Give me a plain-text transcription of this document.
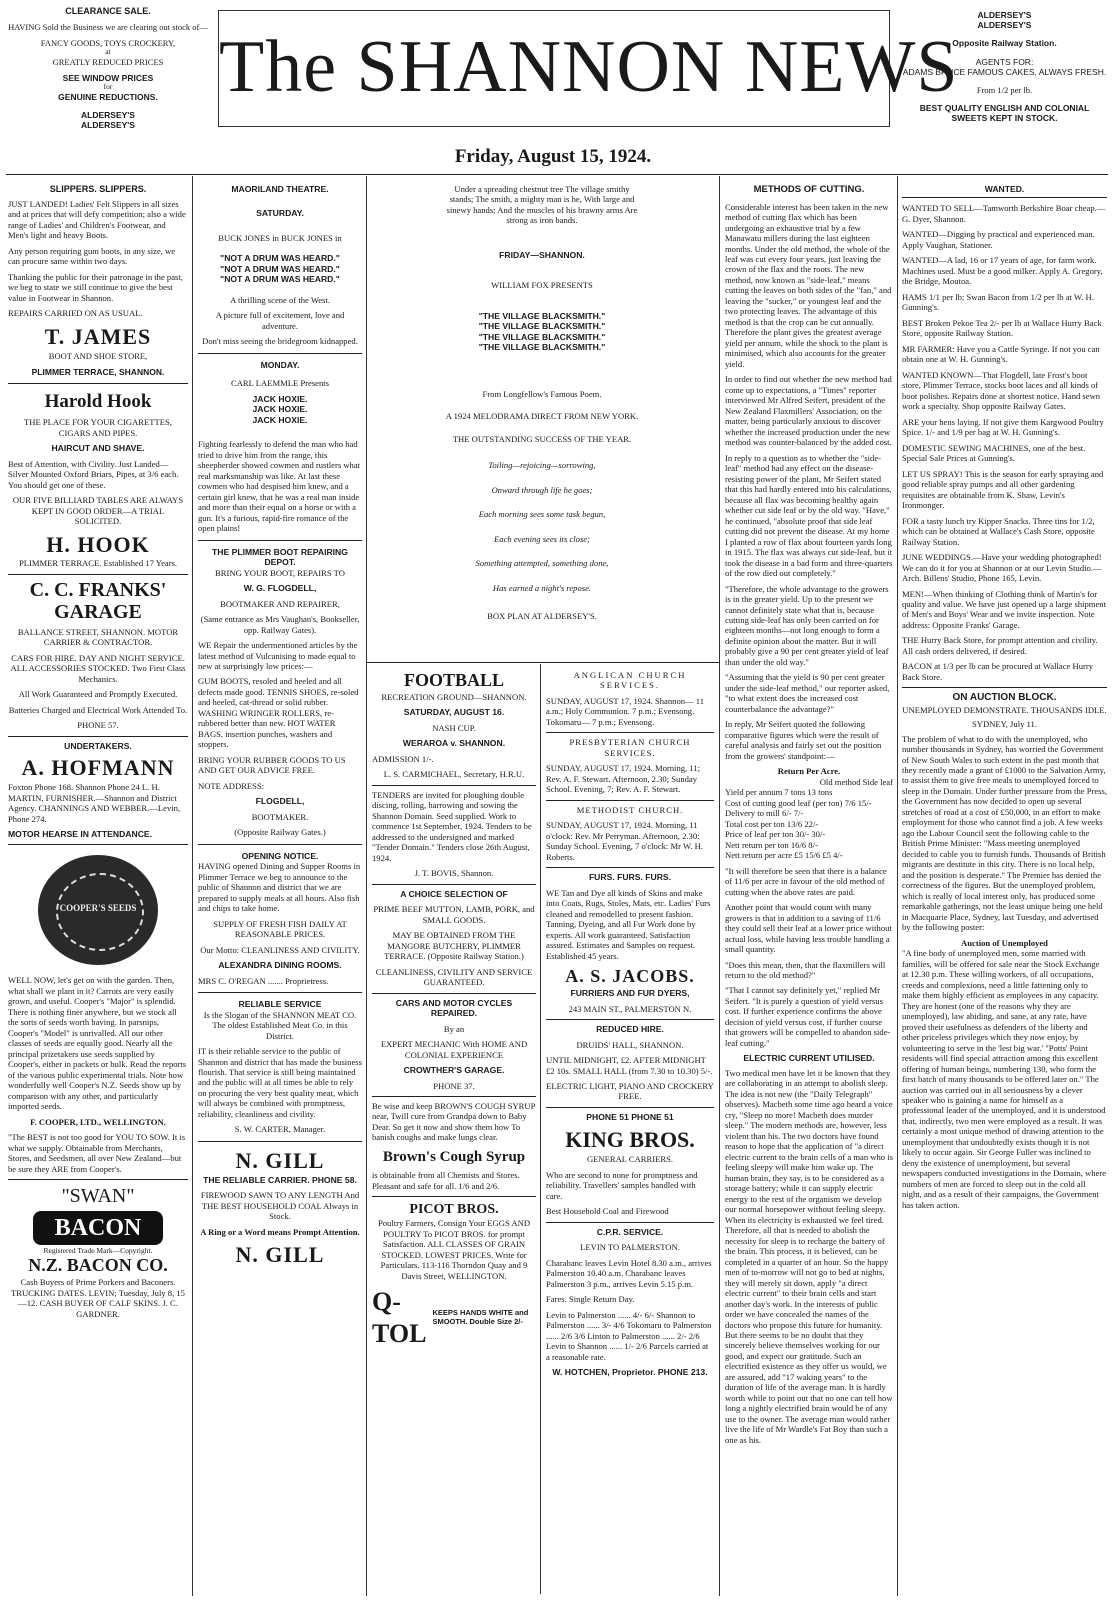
CLEARANCE SALE.
HAVING Sold the Business we are clearing out stock of—
FANCY GOODS, TOYS CROCKERY,
at
GREATLY REDUCED PRICES
SEE WINDOW PRICES
for
GENUINE REDUCTIONS.
ALDERSEY'S
ALDERSEY'S
The SHANNON NEWS
Friday, August 15, 1924.
ALDERSEY'S
ALDERSEY'S
Opposite Railway Station.
AGENTS FOR:
ADAMS BRUCE FAMOUS CAKES, ALWAYS FRESH.
From 1/2 per lb.
BEST QUALITY ENGLISH AND COLONIAL SWEETS KEPT IN STOCK.
SLIPPERS. SLIPPERS.

JUST LANDED! Ladies' Felt Slippers in all sizes and at prices that will defy competition; also a wide range of Ladies' and Children's Footwear, and Men's light and heavy Boots.

Any person requiring gum boots, in any size, we can procure same within two days.

Thanking the public for their patronage in the past, we beg to state we still continue to give the best value in Footwear in Shannon.

REPAIRS CARRIED ON AS USUAL.

T. JAMES
BOOT AND SHOE STORE,
PLIMMER TERRACE, SHANNON.
Harold Hook

THE PLACE FOR YOUR CIGARETTES, CIGARS AND PIPES.

HAIRCUT AND SHAVE.

Best of Attention, with Civility. Just Landed—Silver Mounted Oxford Briars, Pipes, at 3/6 each. You should get one of these.

OUR FIVE BILLIARD TABLES ARE ALWAYS KEPT IN GOOD ORDER—A TRIAL SOLICITED.

H. HOOK

PLIMMER TERRACE. Established 17 Years.

C. C. FRANKS' GARAGE

BALLANCE STREET, SHANNON. MOTOR CARRIER & CONTRACTOR.

CARS FOR HIRE. DAY AND NIGHT SERVICE. ALL ACCESSORIES STOCKED. Two First Class Mechanics.

All Work Guaranteed and Promptly Executed.

Batteries Charged and Electrical Work Attended To.

PHONE 57.

UNDERTAKERS.
A. HOFMANN

Foxton Phone 168. Shannon Phone 24 L. H. MARTIN, FURNISHER.—Shannon and District Agency. CHANNINGS AND WEBBER.—Levin, Phone 274.

MOTOR HEARSE IN ATTENDANCE.

COOPER'S SEEDS

WELL NOW, let's get on with the garden. Then, what shall we plant in it? Carrots are very easily grown, and useful. Cooper's "Major" is splendid. There is nothing finer anywhere, but we stock all the sorts of seeds worth having. In parsnips, Cooper's "Model" is unrivalled. All our other classes of seeds are equally good. Nearly all the principal prizetakers use seeds supplied by Cooper's, either in packets or bulk. Read the reports of the various public experimental trials. Note how wonderfully well Cooper's N.Z. Seeds show up by comparison with any other, and particularly imported seeds.

F. COOPER, LTD., WELLINGTON.

"The BEST is not too good for YOU TO SOW. It is what we supply. Obtainable from Merchants, Stores, and Seedsmen, all over New Zealand—but be sure they ARE from Cooper's.

"SWAN"
BACON
Registered Trade Mark—Copyright.
N.Z. BACON CO.

Cash Buyers of Prime Porkers and Baconers. TRUCKING DATES. LEVIN; Tuesday, July 8, 15—12. CASH BUYER OF CALF SKINS. J. C. GARDNER.

MAORILAND THEATRE.
SATURDAY.

BUCK JONES in BUCK JONES in

"NOT A DRUM WAS HEARD."
"NOT A DRUM WAS HEARD."
"NOT A DRUM WAS HEARD."

A thrilling scene of the West.

A picture full of excitement, love and adventure.

Don't miss seeing the bridegroom kidnapped.

MONDAY.

CARL LAEMMLE Presents

JACK HOXIE.
JACK HOXIE.
JACK HOXIE.

Fighting fearlessly to defend the man who had tried to drive him from the range, this sheepherder showed cowmen and rustlers what real marksmanship was like. At last these cowmen who had despised him knew, and a certain girl knew, that he was a real man inside and more than their equal on a horse or with a gun. It's a furious, rapid-fire romance of the open plains!

THE PLIMMER BOOT REPAIRING DEPOT.

BRING YOUR BOOT, REPAIRS TO

W. G. FLOGDELL,

BOOTMAKER AND REPAIRER,

(Same entrance as Mrs Vaughan's, Bookseller, opp. Railway Gates).

WE Repair the undermentioned articles by the latest method of Vulcanising to made equal to new at surprisingly low prices:—

GUM BOOTS, resoled and heeled and all defects made good. TENNIS SHOES, re-soled and heeled, cat-thread or solid rubber. WASHING WRINGER ROLLERS, re-rubbered better than new. HOT WATER BAGS, insertion punches, washers and stoppers.

BRING YOUR RUBBER GOODS TO US AND GET OUR ADVICE FREE.

NOTE ADDRESS:

FLOGDELL,

BOOTMAKER.

(Opposite Railway Gates.)

OPENING NOTICE.

HAVING opened Dining and Supper Rooms in Plimmer Terrace we beg to announce to the public of Shannon and district that we are prepared to supply meals at all hours. Also fish and chips to take home.

SUPPLY OF FRESH FISH DAILY AT REASONABLE PRICES.

Our Motto: CLEANLINESS AND CIVILITY.

ALEXANDRA DINING ROOMS.

MRS C. O'REGAN ....... Proprietress.

RELIABLE SERVICE

Is the Slogan of the SHANNON MEAT CO. The oldest Established Meat Co. in this District.

IT is their reliable service to the public of Shannon and district that has made the business flourish. That service is still being maintained and the public will at all times be able to rely on procuring the very best quality meat, which will always be combined with promptness, reliability, cleanliness and civility.

S. W. CARTER, Manager.

N. GILL

THE RELIABLE CARRIER. PHONE 58.

FIREWOOD SAWN TO ANY LENGTH And THE BEST HOUSEHOLD COAL Always in Stock.

A Ring or a Word means Prompt Attention.

N. GILL

Under a spreading chestnut tree The village smithy stands; The smith, a mighty man is he, With large and sinewy hands; And the muscles of his brawny arms Are strong as iron bands.

FRIDAY—SHANNON.
WILLIAM FOX PRESENTS
"THE VILLAGE BLACKSMITH."
"THE VILLAGE BLACKSMITH."
"THE VILLAGE BLACKSMITH."
"THE VILLAGE BLACKSMITH."
From Longfellow's Famous Poem.
A 1924 MELODRAMA DIRECT FROM NEW YORK.
THE OUTSTANDING SUCCESS OF THE YEAR.
Toiling—rejoicing—sorrowing,
Onward through life he goes;
Each morning sees some task begun,
Each evening sees its close;
Something attempted, something done,
Has earned a night's repose.
BOX PLAN AT ALDERSEY'S.
FOOTBALL

RECREATION GROUND—SHANNON.

SATURDAY, AUGUST 16.

NASH CUP.

WERAROA v. SHANNON.

ADMISSION 1/-.

L. S. CARMICHAEL, Secretary, H.R.U.

TENDERS are invited for ploughing double discing, rolling, harrowing and sowing the Shannon Domain. Seed supplied. Work to commence 1st September, 1924. Tenders to be addressed to the undersigned and marked "Tender Domain." Tenders close 26th August, 1924.

J. T. BOVIS, Shannon.

A CHOICE SELECTION OF

PRIME BEEF MUTTON, LAMB, PORK, and SMALL GOODS.

MAY BE OBTAINED FROM THE MANGORE BUTCHERY, PLIMMER TERRACE. (Opposite Railway Station.)

CLEANLINESS, CIVILITY AND SERVICE GUARANTEED.

CARS AND MOTOR CYCLES REPAIRED.

By an

EXPERT MECHANIC With HOME AND COLONIAL EXPERIENCE

CROWTHER'S GARAGE.

PHONE 37.

Be wise and keep BROWN'S COUGH SYRUP near, Twill cure from Grandpa down to Baby Dear. So get it now and show them how To banish coughs and make lungs clear.

Brown's Cough Syrup

is obtainable from all Chemists and Stores. Pleasant and safe for all. 1/6 and 2/6.

PICOT BROS.

Poultry Farmers, Consign Your EGGS AND POULTRY To PICOT BROS. for prompt Satisfaction. ALL CLASSES OF GRAIN STOCKED. LOWEST PRICES. Write for Particulars. 113-116 Thorndon Quay and 9 Davis Street, WELLINGTON.

Q-TOL
KEEPS HANDS WHITE and SMOOTH. Double Size 2/-

ANGLICAN CHURCH SERVICES.

SUNDAY, AUGUST 17, 1924. Shannon— 11 a.m.; Holy Communion. 7 p.m.; Evensong. Tokomaru— 7 p.m.; Evensong.

PRESBYTERIAN CHURCH SERVICES.

SUNDAY, AUGUST 17, 1924. Morning, 11; Rev. A. F. Stewart. Afternoon, 2.30; Sunday School. Evening, 7; Rev. A. F. Stewart.

METHODIST CHURCH.

SUNDAY, AUGUST 17, 1924. Morning, 11 o'clock: Rev. Mr Perryman. Afternoon, 2.30: Sunday School. Evening, 7 o'clock: Mr W. H. Roberts.

FURS. FURS. FURS.

WE Tan and Dye all kinds of Skins and make into Coats, Rugs, Stoles, Mats, etc. Ladies' Furs cleaned and remodelled to present fashion. Tanning, Dyeing, and all Fur Work done by experts. All work guaranteed. Satisfaction assured. Estimates and Samples on request. Established 45 years.

A. S. JACOBS.

FURRIERS AND FUR DYERS,

243 MAIN ST., PALMERSTON N.

REDUCED HIRE.

DRUIDS' HALL, SHANNON.

UNTIL MIDNIGHT, £2. AFTER MIDNIGHT £2 10s. SMALL HALL (from 7.30 to 10.30) 5/-.

ELECTRIC LIGHT, PIANO AND CROCKERY FREE.

PHONE 51 PHONE 51

KING BROS.

GENERAL CARRIERS.

Who are second to none for promptness and reliability. Travellers' samples handled with care.

Best Household Coal and Firewood

C.P.R. SERVICE.

LEVIN TO PALMERSTON.

Charabanc leaves Levin Hotel 8.30 a.m., arrives Palmerston 10.40 a.m. Charabanc leaves Palmerston 3 p.m., arrives Levin 5.15 p.m.

Fares. Single Return Day.

Levin to Palmerston ...... 4/- 6/- Shannon to Palmerston ...... 3/- 4/6 Tokomaru to Palmerston ...... 2/6 3/6 Linton to Palmerston ...... 2/- 2/6 Levin to Shannon ...... 1/- 2/6 Parcels carried at a reasonable rate.

W. HOTCHEN, Proprietor. PHONE 213.

METHODS OF CUTTING.

Considerable interest has been taken in the new method of cutting flax which has been undergoing an exhaustive trial by a few Manawatu millers during the last eighteen months. Under the old method, the whole of the leaf was cut every four years, just leaving the crown of the flax and the roots. The new method, now known as "side-leaf," means cutting the leaves on both sides of the "fan," and leaving the "sucker," or youngest leaf and the two protecting leaves. The advantage of this method is that the crop can be cut annually. Therefore the plant gives the greatest average yield per annum, while the shock to the plant is minimised, which also accounts for the greater yield.

In order to find out whether the new method had come up to expectations, a "Times" reporter interviewed Mr Alfred Seifert, president of the New Zealand Flaxmillers' Association, on the matter, being particularly anxious to discover whether the increased production under the new method was counter-balanced by the added cost.

In reply to a question as to whether the "side-leaf" method had any effect on the disease-resisting power of the plant, Mr Seifert stated that this had hardly entered into his calculations, because all flax was becoming healthy again whether cut side leaf or by the old way. "Have," he continued, "absolute proof that side leaf cutting did not prevent the disease. At my home I planted a row of flax about fourteen yards long in 1915. The flax was always cut side-leaf, but it took the disease in a bad form and three-quarters of the row died out completely."

"Therefore, the whole advantage to the growers is in the greater yield. Up to the present we cannot definitely state what that is, because cutting side-leaf has only been carried on for eighteen months—not long enough to form a definite opinion about the matter. But it will probably give a 90 per cent greater yield of leaf than under the old way."

"Assuming that the yield is 90 per cent greater under the side-leaf method," our reporter asked, "to what extent does the increased cost counterbalance the advantage?"

In reply, Mr Seifert quoted the following comparative figures which were the result of careful analysis and fairly set out the position from the growers' standpoint:—

Return Per Acre.
Old method Side leaf
Yield per annum 7 tons 13 tons
Cost of cutting good leaf (per ton) 7/6 15/-
Delivery to mill 6/- 7/-
Total cost per ton 13/6 22/-
Price of leaf per ton 30/- 30/-
Nett return per ton 16/6 8/-
Nett return per acre £5 15/6 £5 4/-

"It will therefore be seen that there is a balance of 11/6 per acre in favour of the old method of cutting when the above rates are paid.

Another point that would count with many growers is that in addition to a saving of 11/6 they could sell their leaf at a lower price without actual loss, while having less trouble handling a small quantity.

"Does this mean, then, that the flaxmillers will return to the old method?"

"That I cannot say definitely yet," replied Mr Seifert. "It is purely a question of yield versus cost. If further experience confirms the above decision of yield versus cost, if further course that growers will be compelled to abandon side-leaf cutting."

ELECTRIC CURRENT UTILISED.

Two medical men have let it be known that they are collaborating in an attempt to abolish sleep. The idea is not new (the "Daily Telegraph" observes). Macbeth some time ago heard a voice cry, "Sleep no more! Macbeth does murder sleep." The modern methods are, however, less violent than his. The two doctors have found reason to hope that the application of "a direct electric current to the brain cells of a man who is feeling sleepy will make him wake up. The human brain, they say, is to be considered as a storage battery; while it can supply electric energy to the rest of the organism we develop our normal horsepower without feeling sleepy. When its electricity is exhausted we feel tired. Therefore, all that is needed to abolish the necessity for sleep is to recharge the battery of the brain. This process, it is believed, can be completed in a quarter of an hour. So the happy men of to-morrow will not go to bed at nights, they will merely sit down, apply "a direct electric current" to their brain cells and start another day's work. In the interests of public order we have concealed the names of the doctors who propose this future for humanity. But there seems to be no doubt that they sincerely believe themselves working for our good, and expect our gratitude. Such an electrified existence as they offer us would, we are assured, add "17 waking years" to the duration of life of the average man. It is hardly worth while to point out that no one can tell how long a nightly electrified brain would be of any use to the owner. The average man would rather live the life of Mr Wardle's Fat Boy than such a one as his.

WANTED.

WANTED TO SELL—Tamworth Berkshire Boar cheap.—G. Dyer, Shannon.

WANTED—Digging by practical and experienced man. Apply Vaughan, Stationer.

WANTED—A lad, 16 or 17 years of age, for farm work. Machines used. Must be a good milker. Apply A. Gregory, the Bridge, Moutoa.

HAMS 1/1 per lb; Swan Bacon from 1/2 per lb at W. H. Gunning's.

BEST Broken Pekoe Tea 2/- per lb at Wallace Hurry Back Store, opposite Railway Station.

MR FARMER: Have you a Cattle Syringe. If not you can obtain one at W. H. Gunning's.

WANTED KNOWN—That Flogdell, late Frost's boot store, Plimmer Terrace, stocks boot laces and all kinds of boot polishes. Repairs done at shortest notice. Hand sewn work a specialty. Shop opposite Railway Gates.

ARE your hens laying. If not give them Kargwood Poultry Spice. 1/- and 1/9 per bag at W. H. Gunning's.

DOMESTIC SEWING MACHINES, one of the best. Special Sale Prices at Gunning's.

LET US SPRAY! This is the season for early spraying and good reliable spray pumps and all other gardening requisites are obtainable from K. Shaw, Levin's Ironmonger.

FOR a tasty lunch try Kipper Snacks. Three tins for 1/2, which can be obtained at Wallace's Cash Store, opposite Railway Station.

JUNE WEDDINGS.—Have your wedding photographed! We can do it for you at Shannon or at our Levin Studio.—Arch. Billens' Studio, Phone 165, Levin.

MEN!—When thinking of Clothing think of Martin's for quality and value. We have just opened up a large shipment of Men's and Boys' Wear and we invite inspection. Note address: Opposite Franks' Garage.

THE Hurry Back Store, for prompt attention and civility. All cash orders delivered, if desired.

BACON at 1/3 per lb can be procured at Wallace Hurry Back Store.

ON AUCTION BLOCK.
UNEMPLOYED DEMONSTRATE. THOUSANDS IDLE.
SYDNEY, July 11.

The problem of what to do with the unemployed, who number thousands in Sydney, has worried the Government of New South Wales to such extent in the past month that they recently made a grant of £1000 to the Salvation Army, to assist them to give free meals to unemployed forced to sleep in the Domain. Under further pressure from the Press, the Government has now decided to open up several stretches of road at a cost of £50,000, in an effort to make employment for those who cannot find a job. A few weeks ago the Labour Council sent the following cable to the British Prime Minister: "Mass meeting unemployed decided to cable you to furnish funds. Thousands of British migrants are destitute in this city. There is no local help, and the position is desperate." The Premier has denied the correctness of the figures. But the unemployed problem, which is really of local interest only, has produced some remarkable gatherings, not the least unique being one held in Macquarie Place, Sydney, last Tuesday, and advertised by the following poster:

Auction of Unemployed

"A fine body of unemployed men, some married with families, will be offered for sale near the Stock Exchange at 12.30 p.m. These willing workers, of all occupations, creeds and complexions, need a little fattening only to make them highly efficient as employees in any capacity. They are honest (one of the reasons why they are unemployed), law abiding, and sane, at any rate, have proved their usefulness as defenders of the liberty and other priceless privileges which they now enjoy, by volunteering to serve in the 'lest big war.' "Potts' Point residents will find special attraction among this excellent offering of human beings, numbering 130, who form the first batch of many thousands to be offered later on." The auction was carried out in all seriousness by a clever speaker who is gaining a name for himself as a professional leader of the unemployed, and it is understood that, indirectly, two men were employed as a result. It was certainly a most unique method of drawing attention to the unemployment that undoubtedly exists though it is not likely to occur again. Sir George Fuller was inclined to deny the existence of unemployment, but several newspapers conducted investigations in the Domain, where numbers of men are forced to sleep out in the cold all night, and as a result of their campaigns, the Government has taken action.
